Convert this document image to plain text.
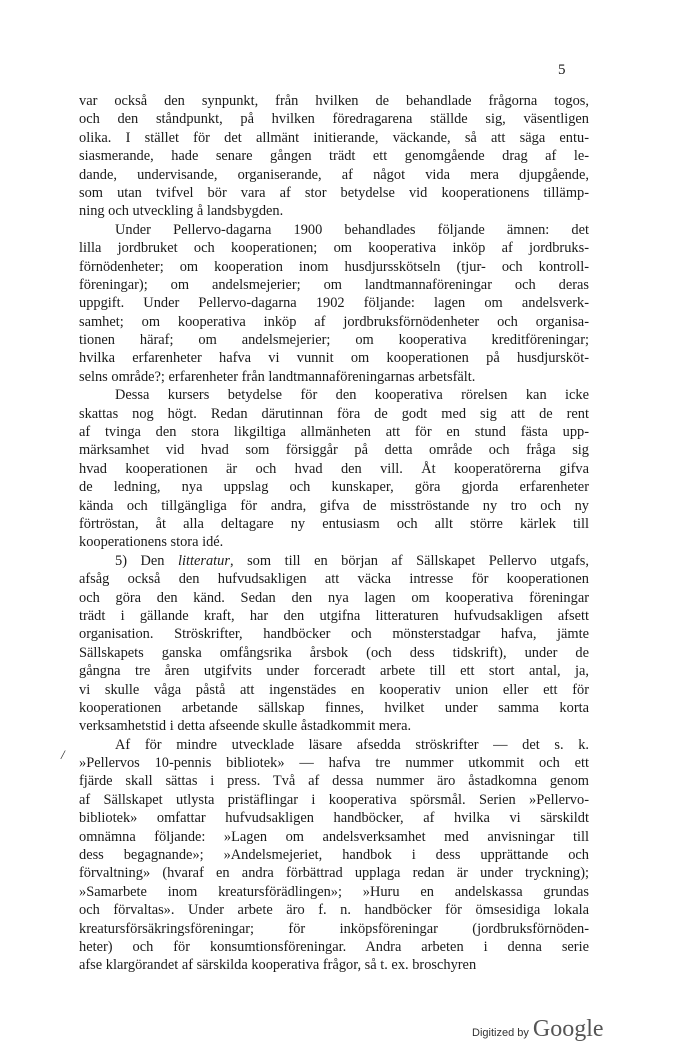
5
/
var också den synpunkt, från hvilken de behandlade frågorna togos,
och den ståndpunkt, på hvilken föredragarena ställde sig, väsentligen
olika. I stället för det allmänt initierande, väckande, så att säga entu-
siasmerande, hade senare gången trädt ett genomgående drag af le-
dande, undervisande, organiserande, af något vida mera djupgående,
som utan tvifvel bör vara af stor betydelse vid kooperationens tillämp-
ning och utveckling å landsbygden.
Under Pellervo-dagarna 1900 behandlades följande ämnen: det
lilla jordbruket och kooperationen; om kooperativa inköp af jordbruks-
förnödenheter; om kooperation inom husdjursskötseln (tjur- och kontroll-
föreningar); om andelsmejerier; om landtmannaföreningar och deras
uppgift. Under Pellervo-dagarna 1902 följande: lagen om andelsverk-
samhet; om kooperativa inköp af jordbruksförnödenheter och organisa-
tionen häraf; om andelsmejerier; om kooperativa kreditföreningar;
hvilka erfarenheter hafva vi vunnit om kooperationen på husdjursköt-
selns område?; erfarenheter från landtmannaföreningarnas arbetsfält.
Dessa kursers betydelse för den kooperativa rörelsen kan icke
skattas nog högt. Redan därutinnan föra de godt med sig att de rent
af tvinga den stora likgiltiga allmänheten att för en stund fästa upp-
märksamhet vid hvad som försiggår på detta område och fråga sig
hvad kooperationen är och hvad den vill. Åt kooperatörerna gifva
de ledning, nya uppslag och kunskaper, göra gjorda erfarenheter
kända och tillgängliga för andra, gifva de misströstande ny tro och ny
förtröstan, åt alla deltagare ny entusiasm och allt större kärlek till
kooperationens stora idé.
5) Den litteratur, som till en början af Sällskapet Pellervo utgafs,
afsåg också den hufvudsakligen att väcka intresse för kooperationen
och göra den känd. Sedan den nya lagen om kooperativa föreningar
trädt i gällande kraft, har den utgifna litteraturen hufvudsakligen afsett
organisation. Ströskrifter, handböcker och mönsterstadgar hafva, jämte
Sällskapets ganska omfångsrika årsbok (och dess tidskrift), under de
gångna tre åren utgifvits under forceradt arbete till ett stort antal, ja,
vi skulle våga påstå att ingenstädes en kooperativ union eller ett för
kooperationen arbetande sällskap finnes, hvilket under samma korta
verksamhetstid i detta afseende skulle åstadkommit mera.
Af för mindre utvecklade läsare afsedda ströskrifter — det s. k.
»Pellervos 10-pennis bibliotek» — hafva tre nummer utkommit och ett
fjärde skall sättas i press. Två af dessa nummer äro åstadkomna genom
af Sällskapet utlysta pristäflingar i kooperativa spörsmål. Serien »Pellervo-
bibliotek» omfattar hufvudsakligen handböcker, af hvilka vi särskildt
omnämna följande: »Lagen om andelsverksamhet med anvisningar till
dess begagnande»; »Andelsmejeriet, handbok i dess upprättande och
förvaltning» (hvaraf en andra förbättrad upplaga redan är under tryckning);
»Samarbete inom kreatursförädlingen»; »Huru en andelskassa grundas
och förvaltas». Under arbete äro f. n. handböcker för ömsesidiga lokala
kreatursförsäkringsföreningar; för inköpsföreningar (jordbruksförnöden-
heter) och för konsumtionsföreningar. Andra arbeten i denna serie
afse klargörandet af särskilda kooperativa frågor, så t. ex. broschyren
Digitized by Google
